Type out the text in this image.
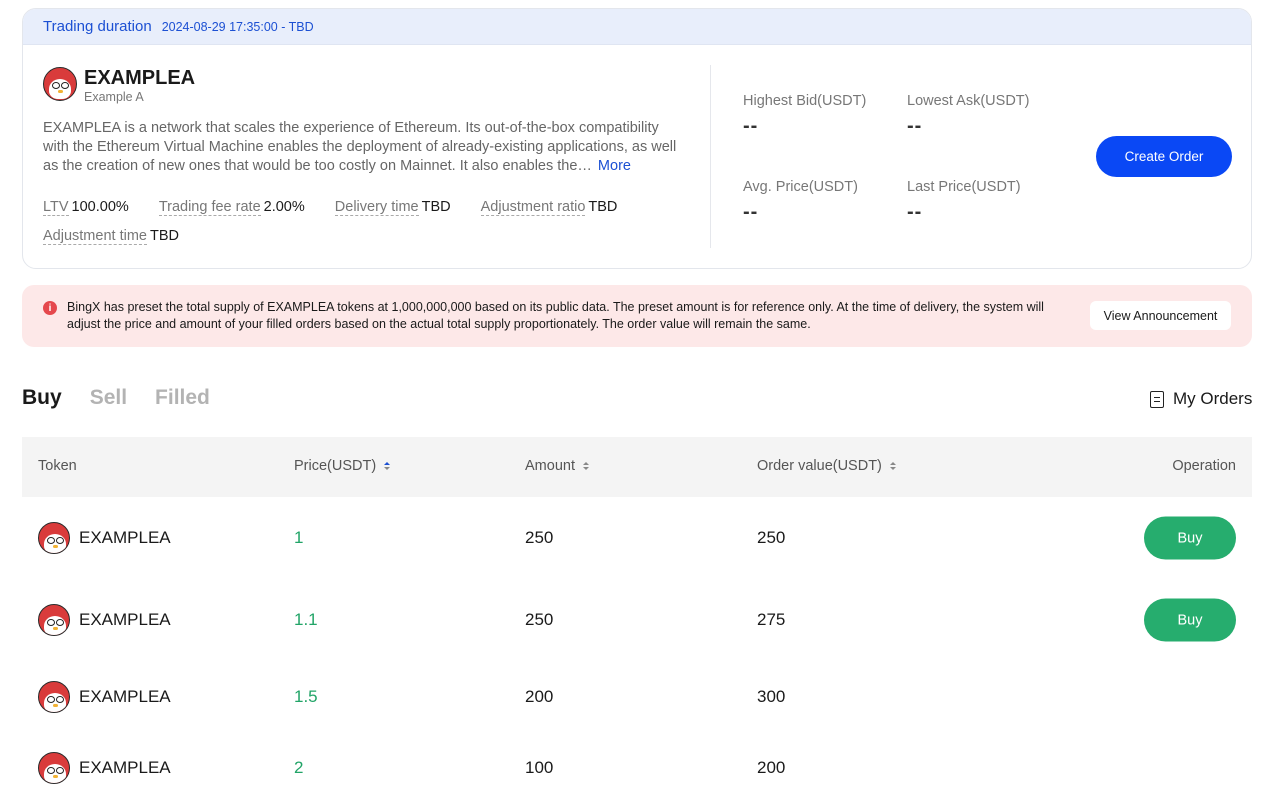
Trading duration 2024-08-29 17:35:00 - TBD
EXAMPLEA
Example A
EXAMPLEA is a network that scales the experience of Ethereum. Its out-of-the-box compatibility with the Ethereum Virtual Machine enables the deployment of already-existing applications, as well as the creation of new ones that would be too costly on Mainnet. It also enables the… More
LTV 100.00% Trading fee rate 2.00% Delivery time TBD Adjustment ratio TBD Adjustment time TBD
Highest Bid(USDT)
--
Lowest Ask(USDT)
--
Avg. Price(USDT)
--
Last Price(USDT)
--
Create Order
i	BingX has preset the total supply of EXAMPLEA tokens at 1,000,000,000 based on its public data. The preset amount is for reference only. At the time of delivery, the system will adjust the price and amount of your filled orders based on the actual total supply proportionately. The order value will remain the same.
View Announcement
Buy Sell Filled	My Orders
Token	Price(USDT)	Amount	Order value(USDT)	Operation
EXAMPLEA	1	250	250	Buy
EXAMPLEA	1.1	250	275	Buy
EXAMPLEA	1.5	200	300
EXAMPLEA	2	100	200
